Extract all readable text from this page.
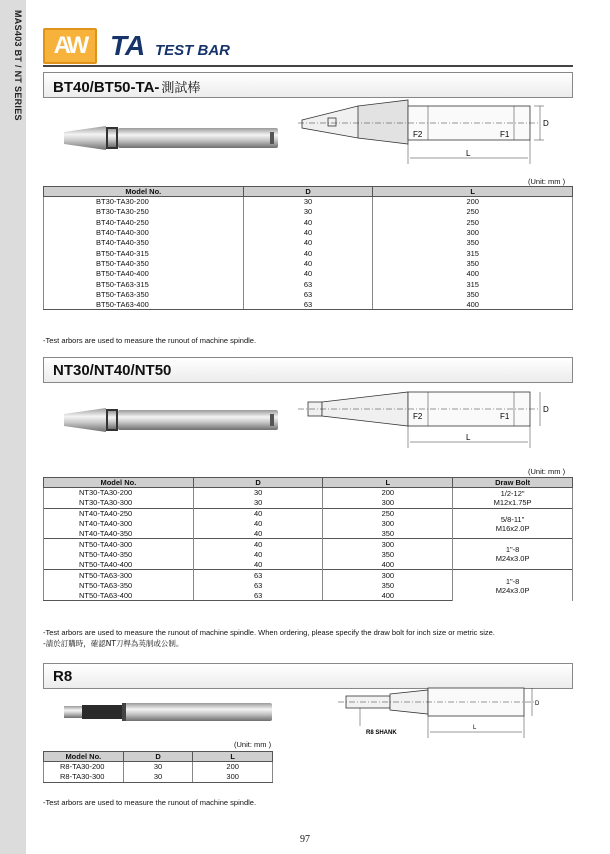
MAS403 BT / NT SERIES	AW TA TEST BAR
BT40/BT50-TA- 測試棒
F2	F1
D
L
(Unit: mm )
Model No.	D	L
BT30-TA30-200	30	200
BT30-TA30-250	30	250
BT40-TA40-250	40	250
BT40-TA40-300	40	300
BT40-TA40-350	40	350
BT50-TA40-315	40	315
BT50-TA40-350	40	350
BT50-TA40-400	40	400
BT50-TA63-315	63	315
BT50-TA63-350	63	350
BT50-TA63-400	63	400
-Test arbors are used to measure the runout of machine spindle.
NT30/NT40/NT50
F2	F1
D
L
(Unit: mm )
Model No.	D	L	Draw Bolt
NT30-TA30-200	30	200	1/2-12"
M12x1.75P

NT30-TA30-300	30	300	
NT40-TA40-250	40	250	5/8-11"
M16x2.0P

NT40-TA40-300	40	300	
NT40-TA40-350	40	350	
NT50-TA40-300	40	300	1"-8
M24x3.0P

NT50-TA40-350	40	350	
NT50-TA40-400	40	400	
NT50-TA63-300	63	300	1"-8
M24x3.0P

NT50-TA63-350	63	350	
NT50-TA63-400	63	400	
-Test arbors are used to measure the runout of machine spindle. When ordering, please specify the draw bolt for inch size or metric size.
-請於訂購時，確認NT刀桿為英制或公制。
R8
R8 SHANK
D
L
(Unit: mm )
Model No.	D	L
R8-TA30-200	30	200
R8-TA30-300	30	300
-Test arbors are used to measure the runout of machine spindle.
97
